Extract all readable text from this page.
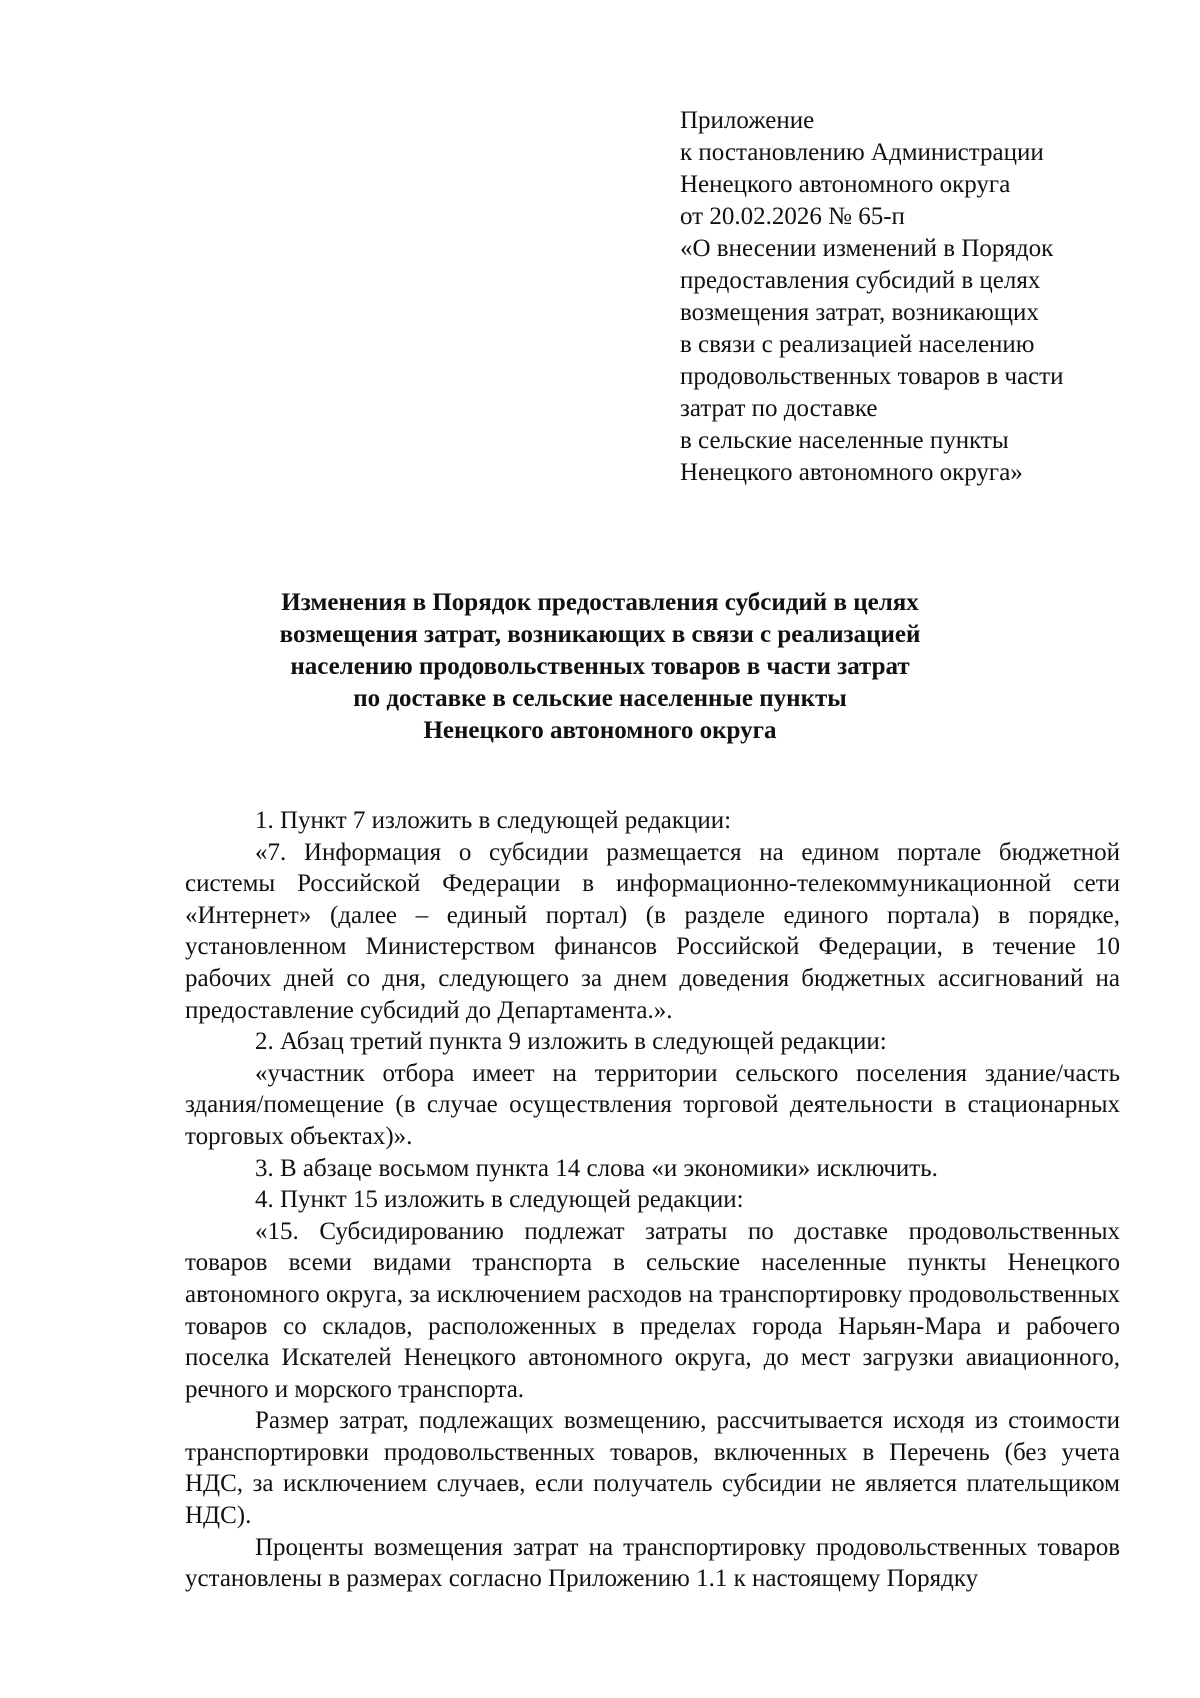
Приложение
к постановлению Администрации
Ненецкого автономного округа
от 20.02.2026 № 65-п
«О внесении изменений в Порядок
предоставления субсидий в целях
возмещения затрат, возникающих
в связи с реализацией населению
продовольственных товаров в части
затрат по доставке
в сельские населенные пункты
Ненецкого автономного округа»
Изменения в Порядок предоставления субсидий в целях
возмещения затрат, возникающих в связи с реализацией
населению продовольственных товаров в части затрат
по доставке в сельские населенные пункты
Ненецкого автономного округа

1. Пункт 7 изложить в следующей редакции:

«7. Информация о субсидии размещается на едином портале бюджетной системы Российской Федерации в информационно-телекоммуникационной сети «Интернет» (далее – единый портал) (в разделе единого портала) в порядке, установленном Министерством финансов Российской Федерации, в течение 10 рабочих дней со дня, следующего за днем доведения бюджетных ассигнований на предоставление субсидий до Департамента.».

2. Абзац третий пункта 9 изложить в следующей редакции:

«участник отбора имеет на территории сельского поселения здание/часть здания/помещение (в случае осуществления торговой деятельности в стационарных торговых объектах)».

3. В абзаце восьмом пункта 14 слова «и экономики» исключить.

4. Пункт 15 изложить в следующей редакции:

«15. Субсидированию подлежат затраты по доставке продовольственных товаров всеми видами транспорта в сельские населенные пункты Ненецкого автономного округа, за исключением расходов на транспортировку продовольственных товаров со складов, расположенных в пределах города Нарьян-Мара и рабочего поселка Искателей Ненецкого автономного округа, до мест загрузки авиационного, речного и морского транспорта.

Размер затрат, подлежащих возмещению, рассчитывается исходя из стоимости транспортировки продовольственных товаров, включенных в Перечень (без учета НДС, за исключением случаев, если получатель субсидии не является плательщиком НДС).

Проценты возмещения затрат на транспортировку продовольственных товаров установлены в размерах согласно Приложению 1.1 к настоящему Порядку
